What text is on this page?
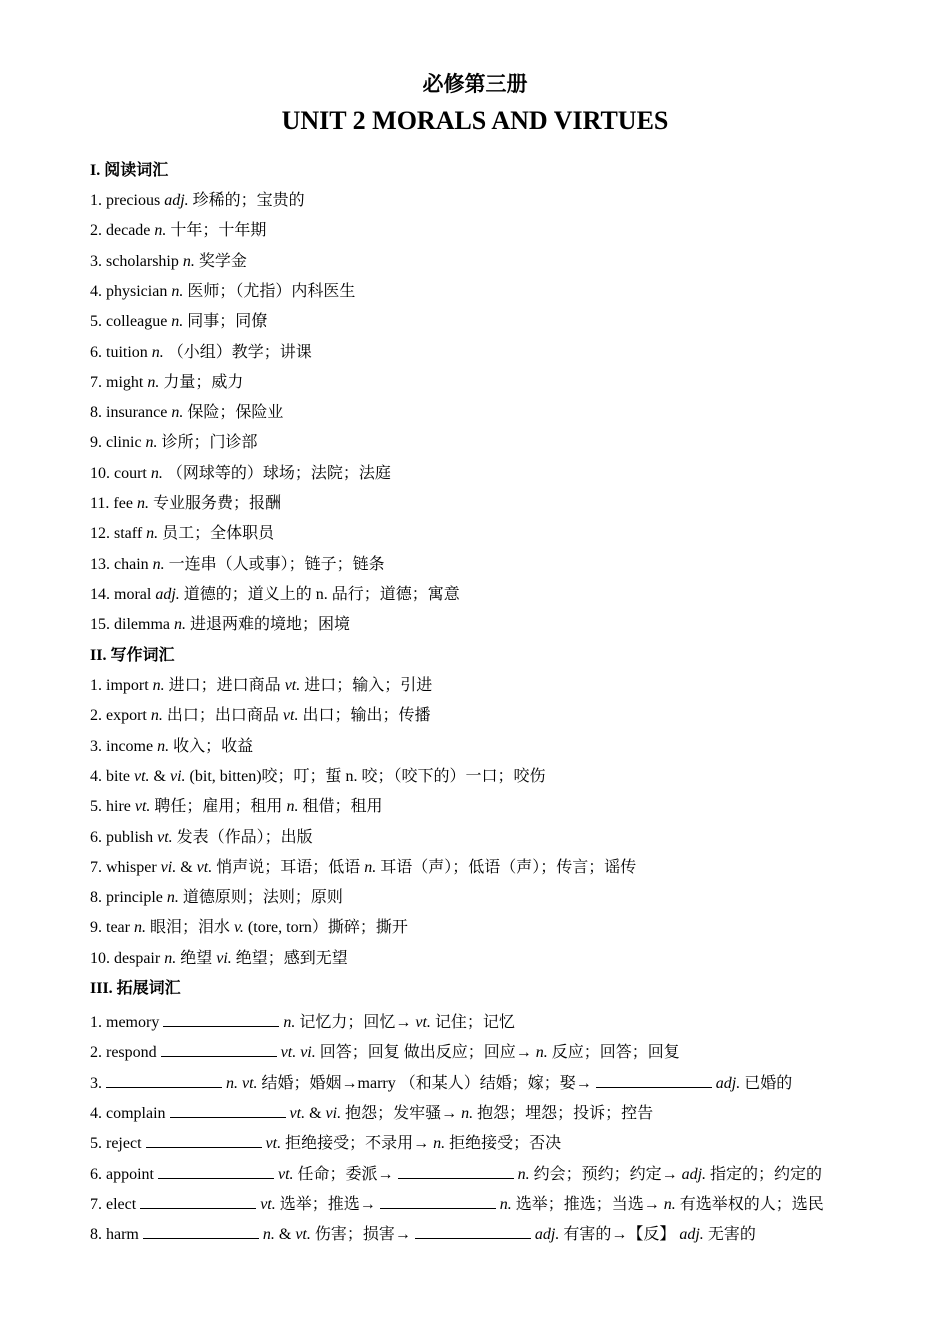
必修第三册
UNIT 2 MORALS AND VIRTUES
I. 阅读词汇
1. precious adj. 珍稀的；宝贵的
2. decade n. 十年；十年期
3. scholarship n. 奖学金
4. physician n. 医师；（尤指）内科医生
5. colleague n. 同事；同僚
6. tuition n. （小组）教学；讲课
7. might n. 力量；威力
8. insurance n. 保险；保险业
9. clinic n. 诊所；门诊部
10. court n. （网球等的）球场；法院；法庭
11. fee n. 专业服务费；报酬
12. staff n. 员工；全体职员
13. chain n. 一连串（人或事）；链子；链条
14. moral adj. 道德的；道义上的 n. 品行；道德；寓意
15. dilemma n. 进退两难的境地；困境
II. 写作词汇
1. import n. 进口；进口商品 vt. 进口；输入；引进
2. export n. 出口；出口商品 vt. 出口；输出；传播
3. income n. 收入；收益
4. bite vt. & vi. (bit, bitten)咬；叮；蜇 n. 咬；（咬下的）一口；咬伤
5. hire vt. 聘任；雇用；租用 n. 租借；租用
6. publish vt. 发表（作品）；出版
7. whisper vi. & vt. 悄声说；耳语；低语 n. 耳语（声）；低语（声）；传言；谣传
8. principle n. 道德原则；法则；原则
9. tear n. 眼泪；泪水 v. (tore, torn）撕碎；撕开
10. despair n. 绝望 vi. 绝望；感到无望
III. 拓展词汇
1. memory	n. 记忆力；回忆→ vt. 记住；记忆
2. respond	vt. vi. 回答；回复 做出反应；回应→ n. 反应；回答；回复
3.	n. vt. 结婚；婚姻→marry （和某人）结婚；嫁；娶→	adj. 已婚的
4. complain	vt. & vi. 抱怨；发牢骚→ n. 抱怨；埋怨；投诉；控告
5. reject	vt. 拒绝接受；不录用→ n. 拒绝接受；否决
6. appoint	vt. 任命；委派→	n. 约会；预约；约定→ adj. 指定的；约定的
7. elect	vt. 选举；推选→	n. 选举；推选；当选→ n. 有选举权的人；选民
8. harm	n. & vt. 伤害；损害→	adj. 有害的→【反】 adj. 无害的
